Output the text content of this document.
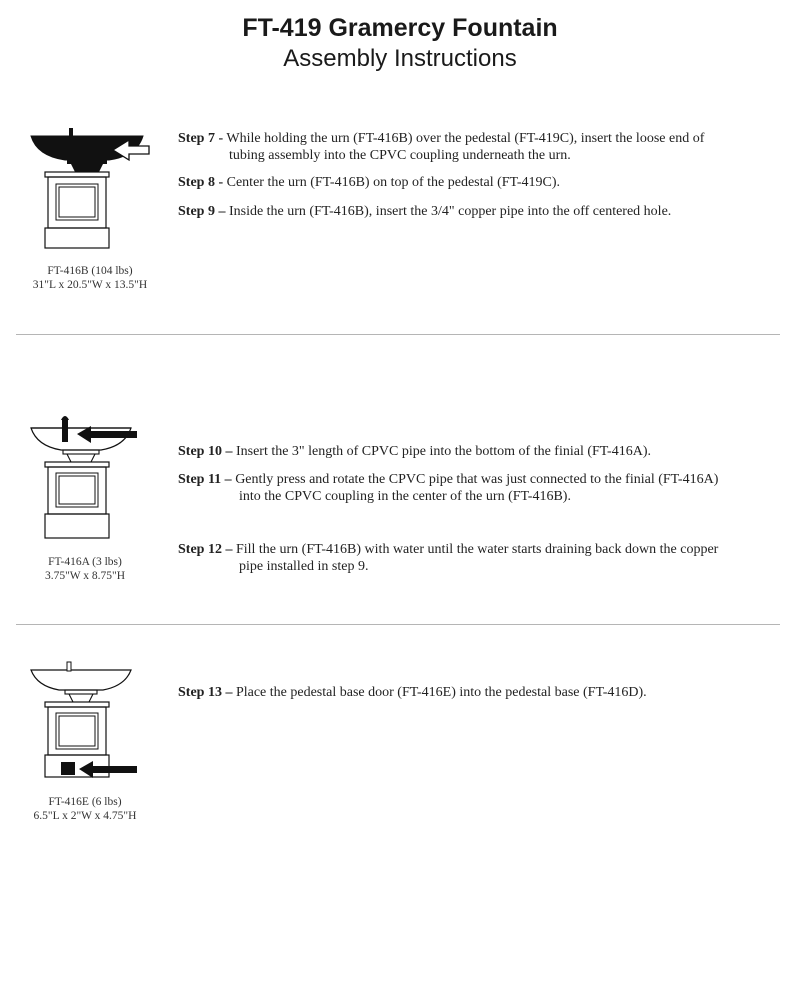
FT-419 Gramercy Fountain
Assembly Instructions
FT-416B (104 lbs)
31"L x 20.5"W x 13.5"H
Step 7 - While holding the urn (FT-416B) over the pedestal (FT-419C), insert the loose end of
tubing assembly into the CPVC coupling underneath the urn.
Step 8 - Center the urn (FT-416B) on top of the pedestal (FT-419C).
Step 9 – Inside the urn (FT-416B), insert the 3/4" copper pipe into the off centered hole.
FT-416A (3 lbs)
3.75"W x 8.75"H
Step 10 – Insert the 3" length of CPVC pipe into the bottom of the finial (FT-416A).
Step 11 – Gently press and rotate the CPVC pipe that was just connected to the finial (FT-416A)
into the CPVC coupling in the center of the urn (FT-416B).
Step 12 – Fill the urn (FT-416B) with water until the water starts draining back down the copper
pipe installed in step 9.
FT-416E (6 lbs)
6.5"L x 2"W x 4.75"H
Step 13 – Place the pedestal base door (FT-416E) into the pedestal base (FT-416D).
